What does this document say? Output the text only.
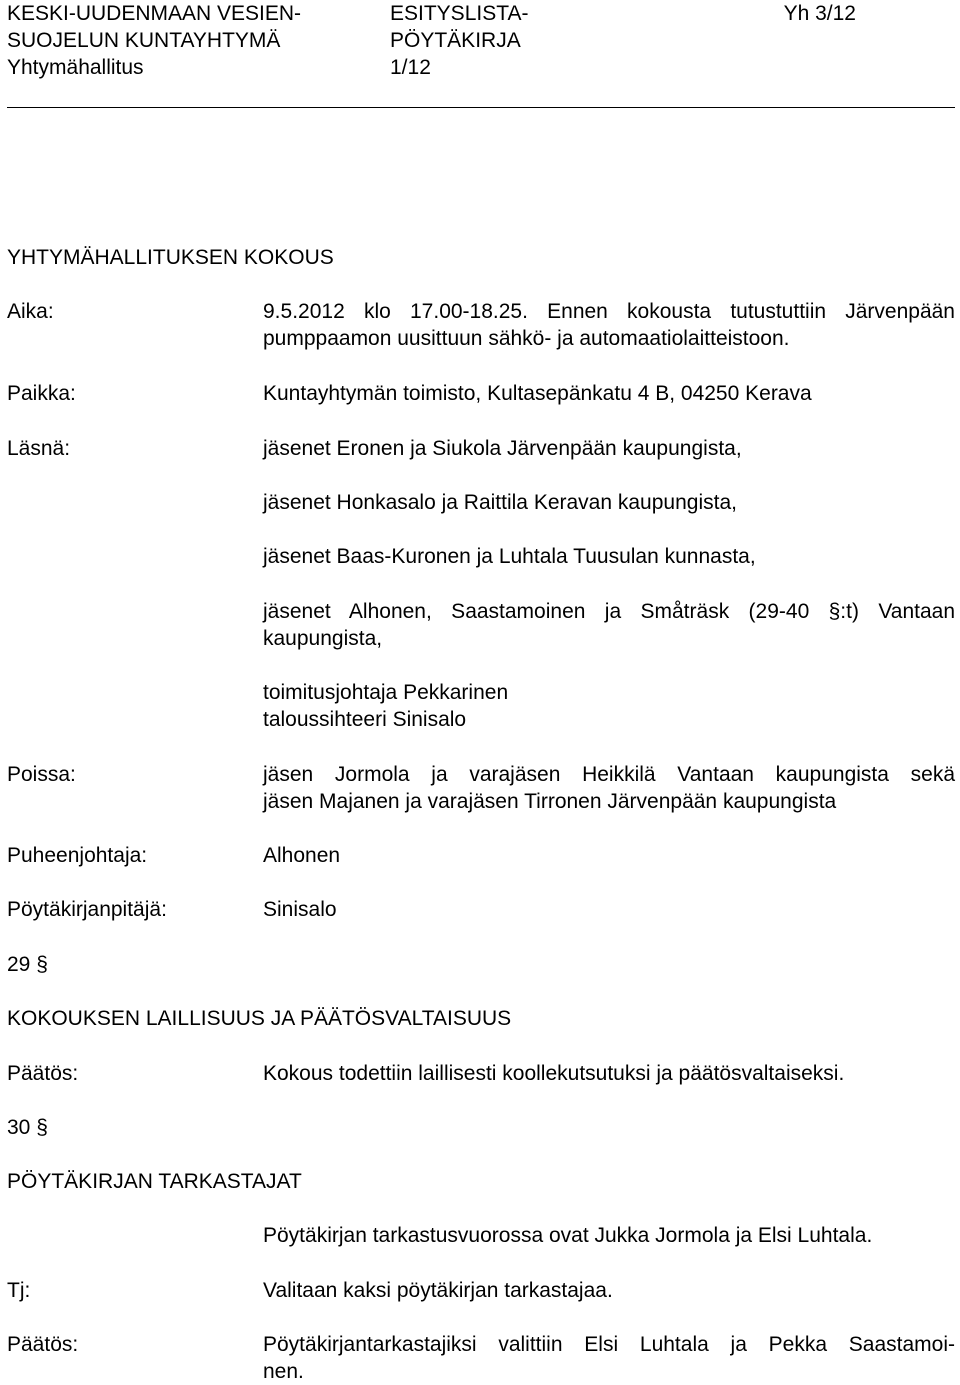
KESKI-UUDENMAAN VESIEN-
SUOJELUN KUNTAYHTYMÄ
Yhtymähallitus
ESITYSLISTA-
PÖYTÄKIRJA
1/12
Yh 3/12
YHTYMÄHALLITUKSEN KOKOUS
Aika:	9.5.2012 klo 17.00-18.25. Ennen kokousta tutustuttiin Järvenpään
pumppaamon uusittuun sähkö- ja automaatiolaitteistoon.
Paikka:	Kuntayhtymän toimisto, Kultasepänkatu 4 B, 04250 Kerava
Läsnä:	jäsenet Eronen ja Siukola Järvenpään kaupungista,
jäsenet Honkasalo ja Raittila Keravan kaupungista,
jäsenet Baas-Kuronen ja Luhtala Tuusulan kunnasta,
jäsenet Alhonen, Saastamoinen ja Småträsk (29-40 §:t) Vantaan
kaupungista,
toimitusjohtaja Pekkarinen
taloussihteeri Sinisalo
Poissa:	jäsen Jormola ja varajäsen Heikkilä Vantaan kaupungista sekä
jäsen Majanen ja varajäsen Tirronen Järvenpään kaupungista
Puheenjohtaja:	Alhonen
Pöytäkirjanpitäjä:	Sinisalo
29 §
KOKOUKSEN LAILLISUUS JA PÄÄTÖSVALTAISUUS
Päätös:	Kokous todettiin laillisesti koollekutsutuksi ja päätösvaltaiseksi.
30 §
PÖYTÄKIRJAN TARKASTAJAT
Pöytäkirjan tarkastusvuorossa ovat Jukka Jormola ja Elsi Luhtala.
Tj:	Valitaan kaksi pöytäkirjan tarkastajaa.
Päätös:	Pöytäkirjantarkastajiksi valittiin Elsi Luhtala ja Pekka Saastamoi-
nen.
